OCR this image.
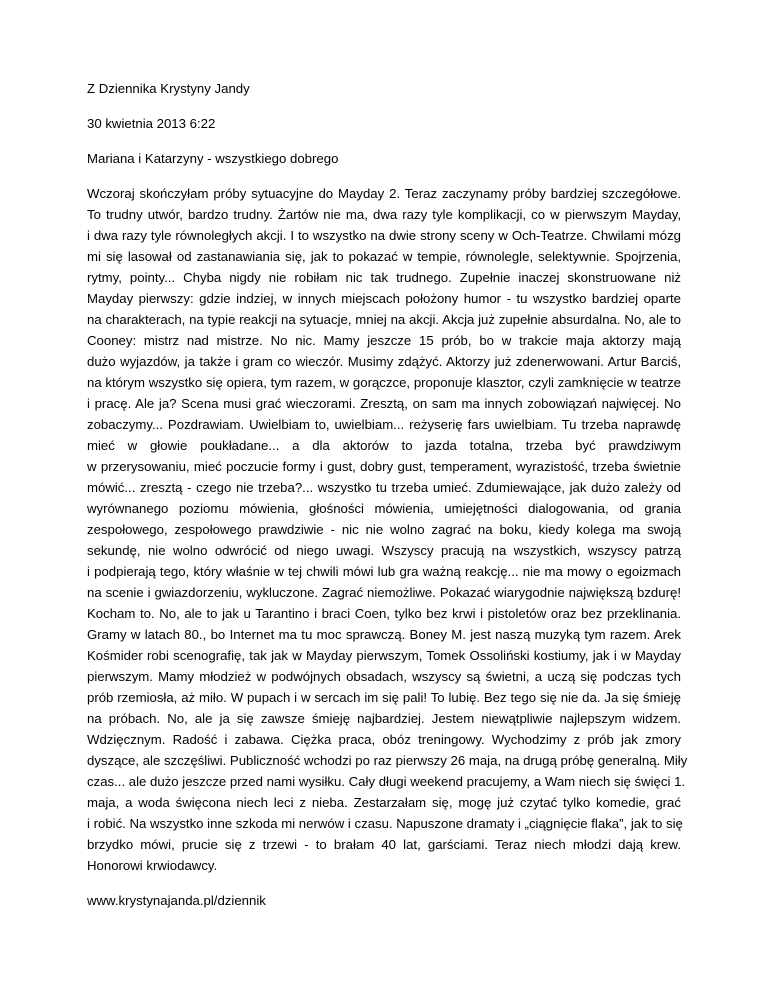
Z Dziennika Krystyny Jandy
30 kwietnia 2013 6:22
Mariana i Katarzyny - wszystkiego dobrego
Wczoraj skończyłam próby sytuacyjne do Mayday 2. Teraz zaczynamy próby bardziej szczegółowe.
To trudny utwór, bardzo trudny. Żartów nie ma, dwa razy tyle komplikacji, co w pierwszym Mayday,
i dwa razy tyle równoległych akcji. I to wszystko na dwie strony sceny w Och-Teatrze. Chwilami mózg
mi się lasował od zastanawiania się, jak to pokazać w tempie, równolegle, selektywnie. Spojrzenia,
rytmy, pointy... Chyba nigdy nie robiłam nic tak trudnego. Zupełnie inaczej skonstruowane niż
Mayday pierwszy: gdzie indziej, w innych miejscach położony humor - tu wszystko bardziej oparte
na charakterach, na typie reakcji na sytuacje, mniej na akcji. Akcja już zupełnie absurdalna. No, ale to
Cooney: mistrz nad mistrze. No nic. Mamy jeszcze 15 prób, bo w trakcie maja aktorzy mają
dużo wyjazdów, ja także i gram co wieczór. Musimy zdążyć. Aktorzy już zdenerwowani. Artur Barciś,
na którym wszystko się opiera, tym razem, w gorączce, proponuje klasztor, czyli zamknięcie w teatrze
i pracę. Ale ja? Scena musi grać wieczorami. Zresztą, on sam ma innych zobowiązań najwięcej. No
zobaczymy... Pozdrawiam. Uwielbiam to, uwielbiam... reżyserię fars uwielbiam. Tu trzeba naprawdę
mieć w głowie poukładane... a dla aktorów to jazda totalna, trzeba być prawdziwym
w przerysowaniu, mieć poczucie formy i gust, dobry gust, temperament, wyrazistość, trzeba świetnie
mówić... zresztą - czego nie trzeba?... wszystko tu trzeba umieć. Zdumiewające, jak dużo zależy od
wyrównanego poziomu mówienia, głośności mówienia, umiejętności dialogowania, od grania
zespołowego, zespołowego prawdziwie - nic nie wolno zagrać na boku, kiedy kolega ma swoją
sekundę, nie wolno odwrócić od niego uwagi. Wszyscy pracują na wszystkich, wszyscy patrzą
i podpierają tego, który właśnie w tej chwili mówi lub gra ważną reakcję... nie ma mowy o egoizmach
na scenie i gwiazdorzeniu, wykluczone. Zagrać niemożliwe. Pokazać wiarygodnie największą bzdurę!
Kocham to. No, ale to jak u Tarantino i braci Coen, tylko bez krwi i pistoletów oraz bez przeklinania.
Gramy w latach 80., bo Internet ma tu moc sprawczą. Boney M. jest naszą muzyką tym razem. Arek
Kośmider robi scenografię, tak jak w Mayday pierwszym, Tomek Ossoliński kostiumy, jak i w Mayday
pierwszym. Mamy młodzież w podwójnych obsadach, wszyscy są świetni, a uczą się podczas tych
prób rzemiosła, aż miło. W pupach i w sercach im się pali! To lubię. Bez tego się nie da. Ja się śmieję
na próbach. No, ale ja się zawsze śmieję najbardziej. Jestem niewątpliwie najlepszym widzem.
Wdzięcznym. Radość i zabawa. Ciężka praca, obóz treningowy. Wychodzimy z prób jak zmory
dyszące, ale szczęśliwi. Publiczność wchodzi po raz pierwszy 26 maja, na drugą próbę generalną. Miły
czas... ale dużo jeszcze przed nami wysiłku. Cały długi weekend pracujemy, a Wam niech się święci 1.
maja, a woda święcona niech leci z nieba. Zestarzałam się, mogę już czytać tylko komedie, grać
i robić. Na wszystko inne szkoda mi nerwów i czasu. Napuszone dramaty i „ciągnięcie flaka”, jak to się
brzydko mówi, prucie się z trzewi - to brałam 40 lat, garściami. Teraz niech młodzi dają krew.
Honorowi krwiodawcy.
www.krystynajanda.pl/dziennik
